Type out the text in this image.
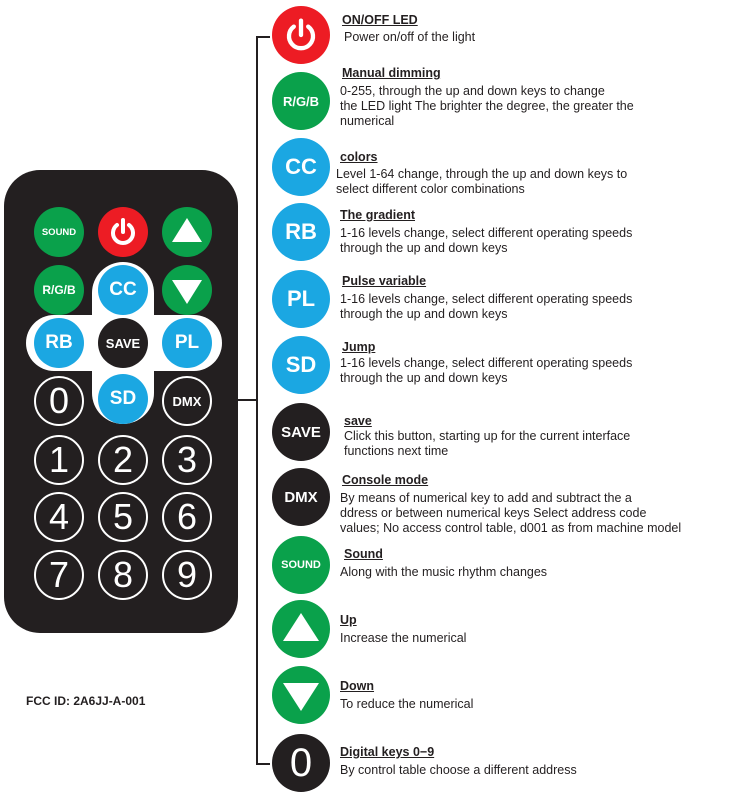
SOUND
R/G/B CC
RB	SAVE PL
0 SD	DMX
1 2 3
4 5 6
7 8 9
FCC ID: 2A6JJ-A-001
ON/OFF LED
Power on/off of the light
R/G/B
Manual dimming
0-255, through the up and down keys to change
the LED light The brighter the degree, the greater the
numerical
CC colors
Level 1-64 change, through the up and down keys to
select different color combinations
RB
The gradient
1-16 levels change, select different operating speeds
through the up and down keys
PL
Pulse variable
1-16 levels change, select different operating speeds
through the up and down keys
SD
Jump
1-16 levels change, select different operating speeds
through the up and down keys
SAVE
save
Click this button, starting up for the current interface
functions next time
DMX
Console mode
By means of numerical key to add and subtract the a
ddress or between numerical keys Select address code
values; No access control table, d001 as from machine model
SOUND
Sound
Along with the music rhythm changes
Up
Increase the numerical
Down
To reduce the numerical
0 Digital keys 0−9
By control table choose a different address
